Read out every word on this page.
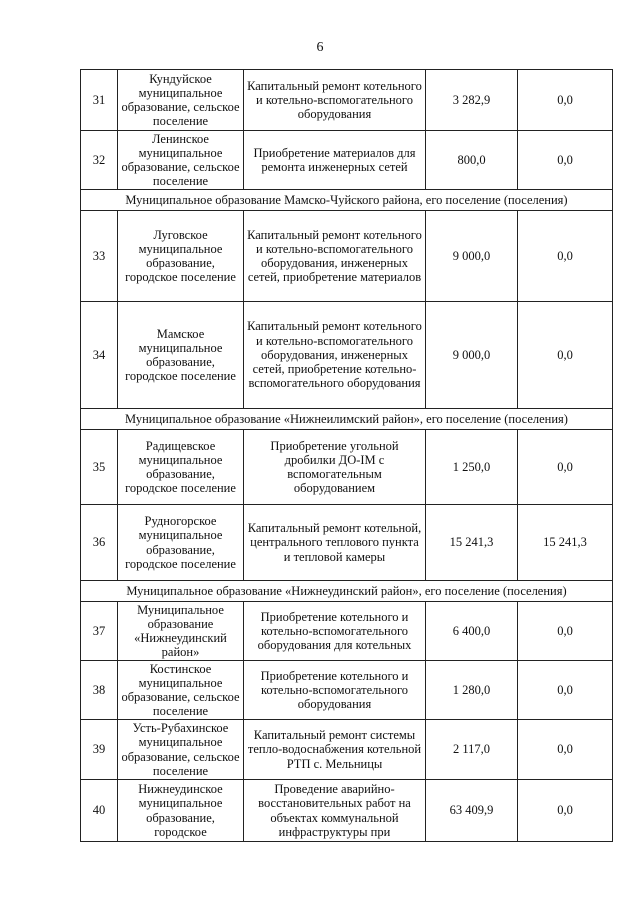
6
31	Кундуйское муниципальное образование, сельское поселение	Капитальный ремонт котельного и котельно-вспомогательного оборудования	3 282,9	0,0
32	Ленинское муниципальное образование, сельское поселение	Приобретение материалов для ремонта инженерных сетей	800,0	0,0
Муниципальное образование Мамско-Чуйского района, его поселение (поселения)				
33	Луговское муниципальное образование, городское поселение	Капитальный ремонт котельного и котельно-вспомогательного оборудования, инженерных сетей, приобретение материалов	9 000,0	0,0
34	Мамское муниципальное образование, городское поселение	Капитальный ремонт котельного и котельно-вспомогательного оборудования, инженерных сетей, приобретение котельно-вспомогательного оборудования	9 000,0	0,0
Муниципальное образование «Нижнеилимский район», его поселение (поселения)				
35	Радищевское муниципальное образование, городское поселение	Приобретение угольной дробилки ДО-IM с вспомогательным оборудованием	1 250,0	0,0
36	Рудногорское муниципальное образование, городское поселение	Капитальный ремонт котельной, центрального теплового пункта и тепловой камеры	15 241,3	15 241,3
Муниципальное образование «Нижнеудинский район», его поселение (поселения)				
37	Муниципальное образование «Нижнеудинский район»	Приобретение котельного и котельно-вспомогательного оборудования для котельных	6 400,0	0,0
38	Костинское муниципальное образование, сельское поселение	Приобретение котельного и котельно-вспомогательного оборудования	1 280,0	0,0
39	Усть-Рубахинское муниципальное образование, сельское поселение	Капитальный ремонт системы тепло-водоснабжения котельной РТП с. Мельницы	2 117,0	0,0
40	Нижнеудинское муниципальное образование, городское	Проведение аварийно-восстановительных работ на объектах коммунальной инфраструктуры при	63 409,9	0,0
